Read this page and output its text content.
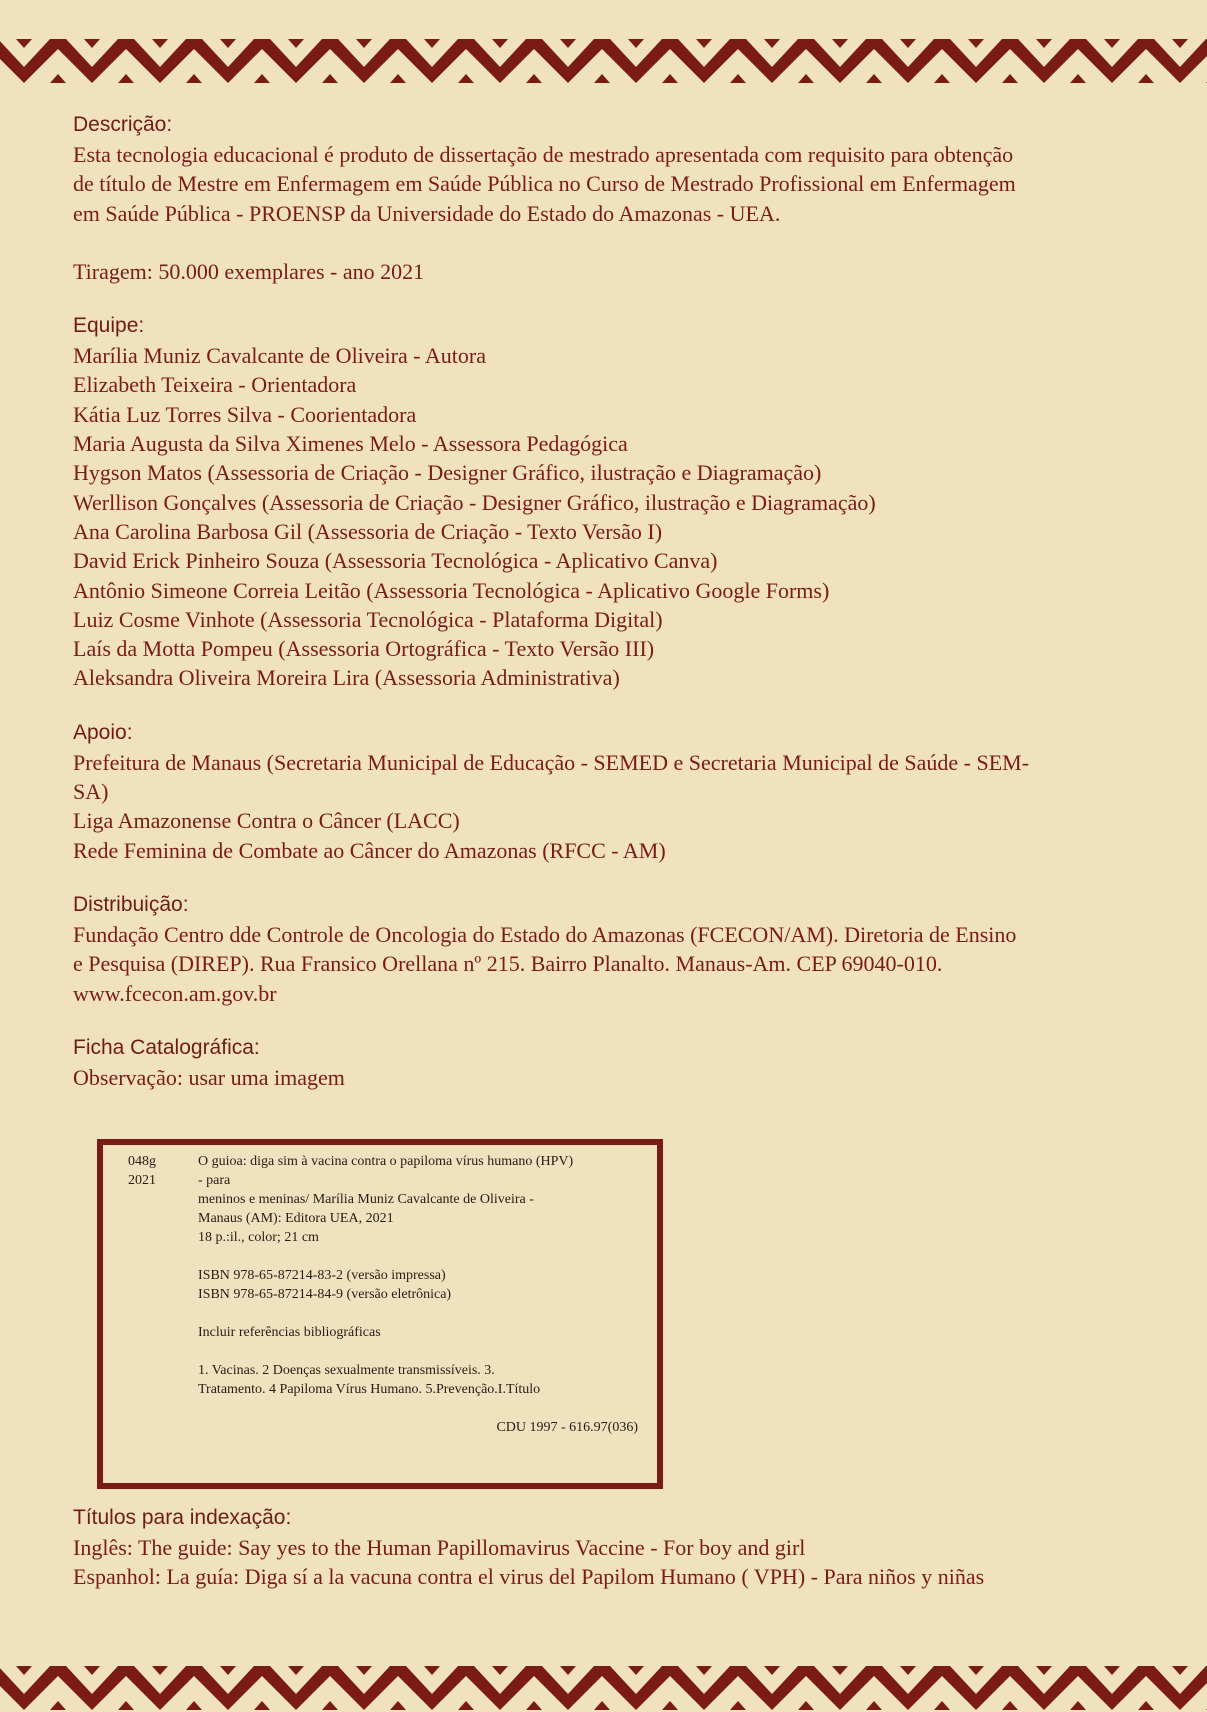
Descrição:
Esta tecnologia educacional é produto de dissertação de mestrado apresentada com requisito para obtenção
de título de Mestre em Enfermagem em Saúde Pública no Curso de Mestrado Profissional em Enfermagem
em Saúde Pública - PROENSP da Universidade do Estado do Amazonas - UEA.
Tiragem: 50.000 exemplares - ano 2021
Equipe:
Marília Muniz Cavalcante de Oliveira - Autora
Elizabeth Teixeira - Orientadora
Kátia Luz Torres Silva - Coorientadora
Maria Augusta da Silva Ximenes Melo - Assessora Pedagógica
Hygson Matos (Assessoria de Criação - Designer Gráfico, ilustração e Diagramação)
Werllison Gonçalves (Assessoria de Criação - Designer Gráfico, ilustração e Diagramação)
Ana Carolina Barbosa Gil (Assessoria de Criação - Texto Versão I)
David Erick Pinheiro Souza (Assessoria Tecnológica - Aplicativo Canva)
Antônio Simeone Correia Leitão (Assessoria Tecnológica - Aplicativo Google Forms)
Luiz Cosme Vinhote (Assessoria Tecnológica - Plataforma Digital)
Laís da Motta Pompeu (Assessoria Ortográfica - Texto Versão III)
Aleksandra Oliveira Moreira Lira (Assessoria Administrativa)
Apoio:
Prefeitura de Manaus (Secretaria Municipal de Educação - SEMED e Secretaria Municipal de Saúde - SEM-
SA)
Liga Amazonense Contra o Câncer (LACC)
Rede Feminina de Combate ao Câncer do Amazonas (RFCC - AM)
Distribuição:
Fundação Centro dde Controle de Oncologia do Estado do Amazonas (FCECON/AM). Diretoria de Ensino
e Pesquisa (DIREP). Rua Fransico Orellana nº 215. Bairro Planalto. Manaus-Am. CEP 69040-010.
www.fcecon.am.gov.br
Ficha Catalográfica:
Observação: usar uma imagem
048g
2021
O guioa: diga sim à vacina contra o papiloma vírus humano (HPV)
- para
meninos e meninas/ Marília Muniz Cavalcante de Oliveira -
Manaus (AM): Editora UEA, 2021
18 p.:il., color; 21 cm
ISBN 978-65-87214-83-2 (versão impressa)
ISBN 978-65-87214-84-9 (versão eletrônica)
Incluir referências bibliográficas
1. Vacinas. 2 Doenças sexualmente transmissíveis. 3.
Tratamento. 4 Papiloma Vírus Humano. 5.Prevenção.I.Título
CDU 1997 - 616.97(036)
Títulos para indexação:
Inglês: The guide: Say yes to the Human Papillomavirus Vaccine - For boy and girl
Espanhol: La guía: Diga sí a la vacuna contra el virus del Papilom Humano ( VPH) - Para niños y niñas
